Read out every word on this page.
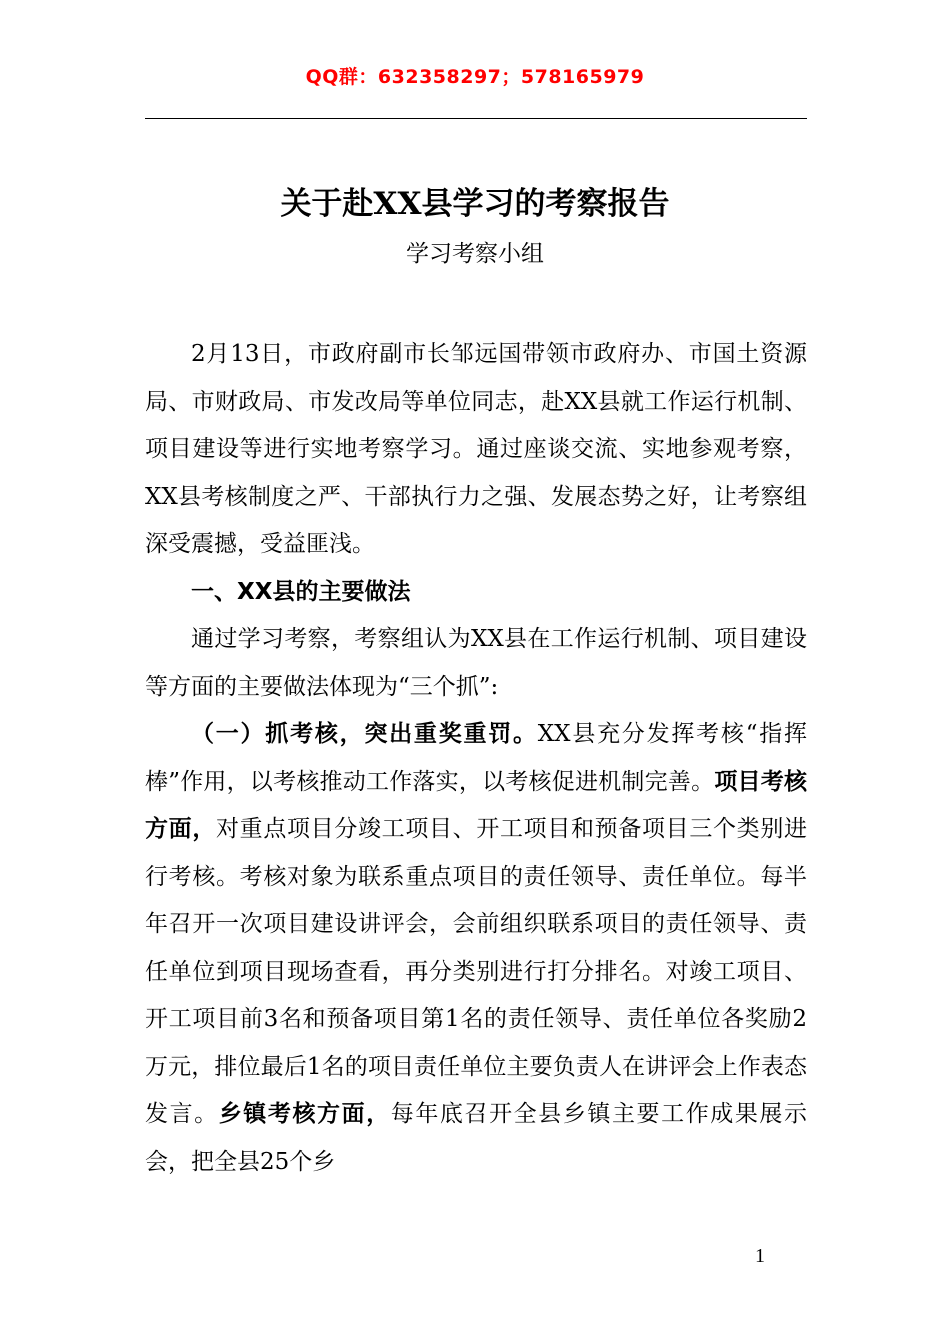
QQ群：632358297；578165979
关于赴XX县学习的考察报告
学习考察小组

2月13日，市政府副市长邹远国带领市政府办、市国土资源局、市财政局、市发改局等单位同志，赴XX县就工作运行机制、项目建设等进行实地考察学习。通过座谈交流、实地参观考察，XX县考核制度之严、干部执行力之强、发展态势之好，让考察组深受震撼，受益匪浅。

一、XX县的主要做法

通过学习考察，考察组认为XX县在工作运行机制、项目建设等方面的主要做法体现为“三个抓”:

（一）抓考核，突出重奖重罚。XX县充分发挥考核“指挥棒”作用，以考核推动工作落实，以考核促进机制完善。项目考核方面，对重点项目分竣工项目、开工项目和预备项目三个类别进行考核。考核对象为联系重点项目的责任领导、责任单位。每半年召开一次项目建设讲评会，会前组织联系项目的责任领导、责任单位到项目现场查看，再分类别进行打分排名。对竣工项目、开工项目前3名和预备项目第1名的责任领导、责任单位各奖励2万元，排位最后1名的项目责任单位主要负责人在讲评会上作表态发言。乡镇考核方面，每年底召开全县乡镇主要工作成果展示会，把全县25个乡

1
